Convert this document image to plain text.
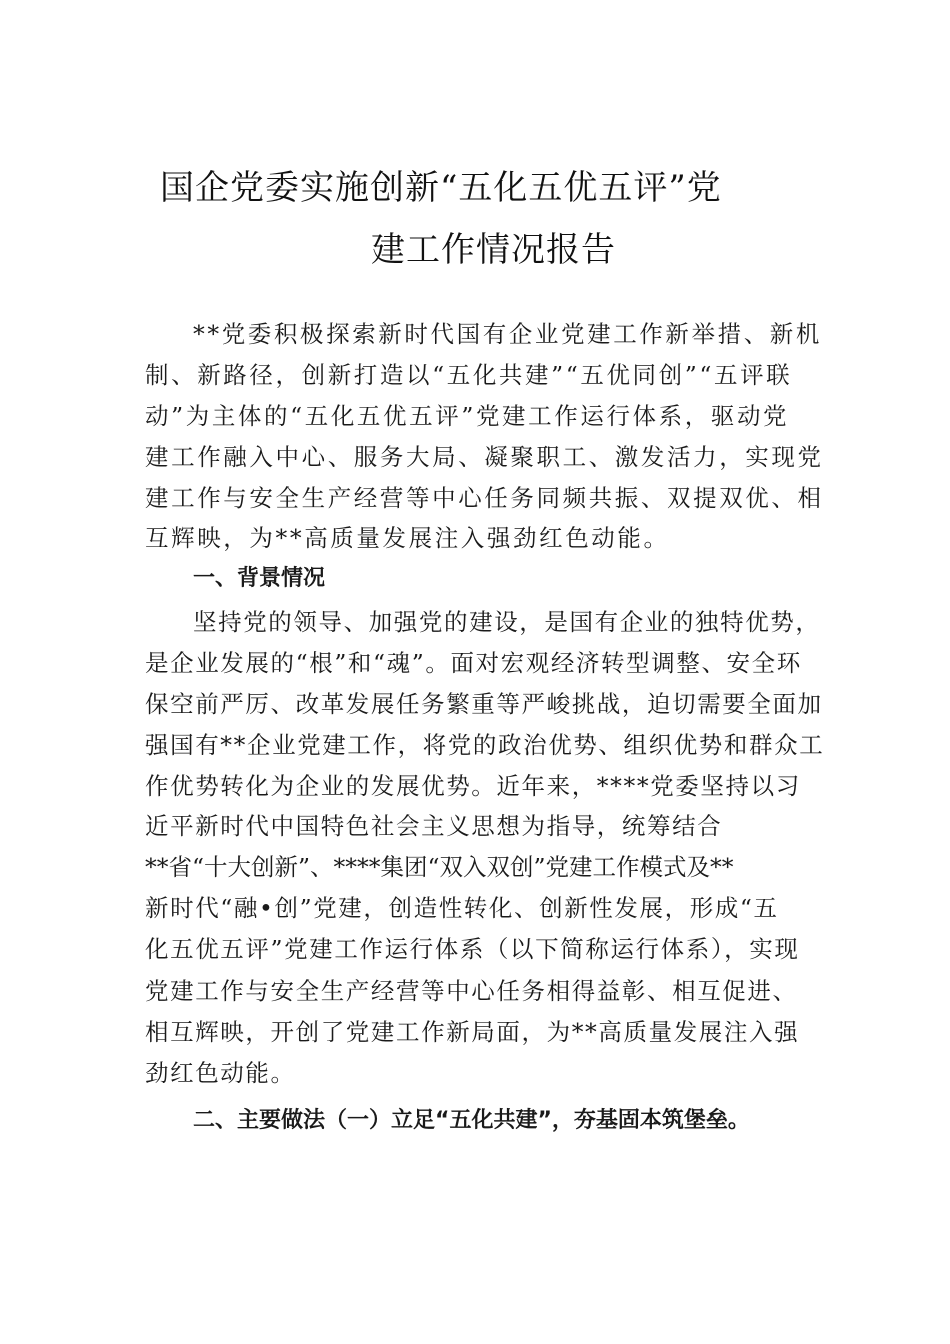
国企党委实施创新“五化五优五评”党
建工作情况报告
**党委积极探索新时代国有企业党建工作新举措、新机
制、新路径，创新打造以“五化共建”“五优同创”“五评联
动”为主体的“五化五优五评”党建工作运行体系，驱动党
建工作融入中心、服务大局、凝聚职工、激发活力，实现党
建工作与安全生产经营等中心任务同频共振、双提双优、相
互辉映，为**高质量发展注入强劲红色动能。
一、背景情况
坚持党的领导、加强党的建设，是国有企业的独特优势，
是企业发展的“根”和“魂”。面对宏观经济转型调整、安全环
保空前严厉、改革发展任务繁重等严峻挑战，迫切需要全面加
强国有**企业党建工作，将党的政治优势、组织优势和群众工
作优势转化为企业的发展优势。近年来，****党委坚持以习
近平新时代中国特色社会主义思想为指导，统筹结合
**省“十大创新”、****集团“双入双创”党建工作模式及**
新时代“融•创”党建，创造性转化、创新性发展，形成“五
化五优五评”党建工作运行体系（以下简称运行体系），实现
党建工作与安全生产经营等中心任务相得益彰、相互促进、
相互辉映，开创了党建工作新局面，为**高质量发展注入强
劲红色动能。
二、主要做法（一）立足“五化共建”，夯基固本筑堡垒。
